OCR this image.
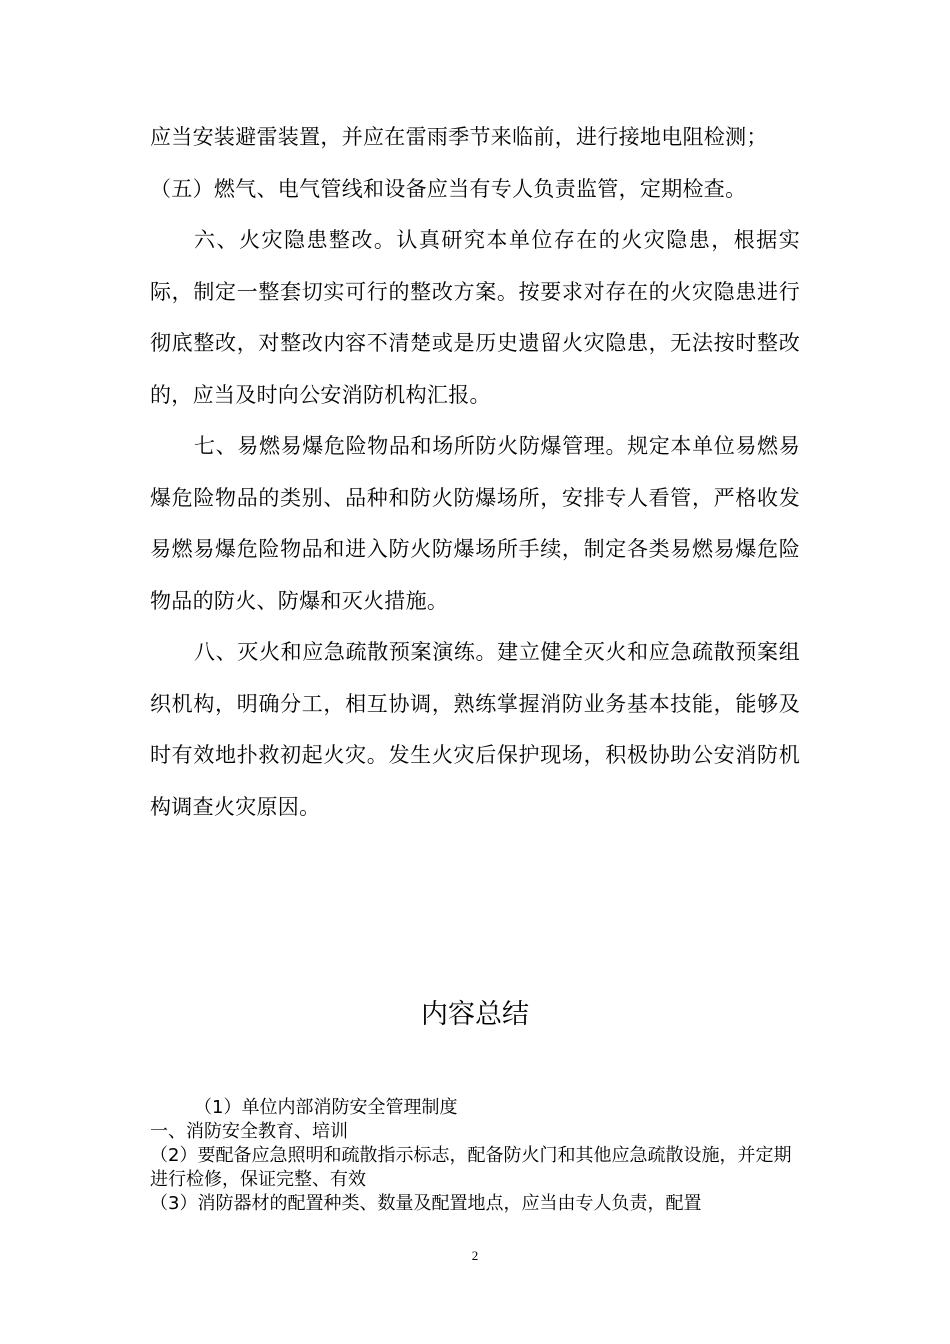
应当安装避雷装置，并应在雷雨季节来临前，进行接地电阻检测；

（五）燃气、电气管线和设备应当有专人负责监管，定期检查。

六、火灾隐患整改。认真研究本单位存在的火灾隐患，根据实际，制定一整套切实可行的整改方案。按要求对存在的火灾隐患进行彻底整改，对整改内容不清楚或是历史遗留火灾隐患，无法按时整改的，应当及时向公安消防机构汇报。

七、易燃易爆危险物品和场所防火防爆管理。规定本单位易燃易爆危险物品的类别、品种和防火防爆场所，安排专人看管，严格收发易燃易爆危险物品和进入防火防爆场所手续，制定各类易燃易爆危险物品的防火、防爆和灭火措施。

八、灭火和应急疏散预案演练。建立健全灭火和应急疏散预案组织机构，明确分工，相互协调，熟练掌握消防业务基本技能，能够及时有效地扑救初起火灾。发生火灾后保护现场，积极协助公安消防机构调查火灾原因。

内容总结

（1）单位内部消防安全管理制度

一、消防安全教育、培训

（2）要配备应急照明和疏散指示标志，配备防火门和其他应急疏散设施，并定期进行检修，保证完整、有效

（3）消防器材的配置种类、数量及配置地点，应当由专人负责，配置

2
